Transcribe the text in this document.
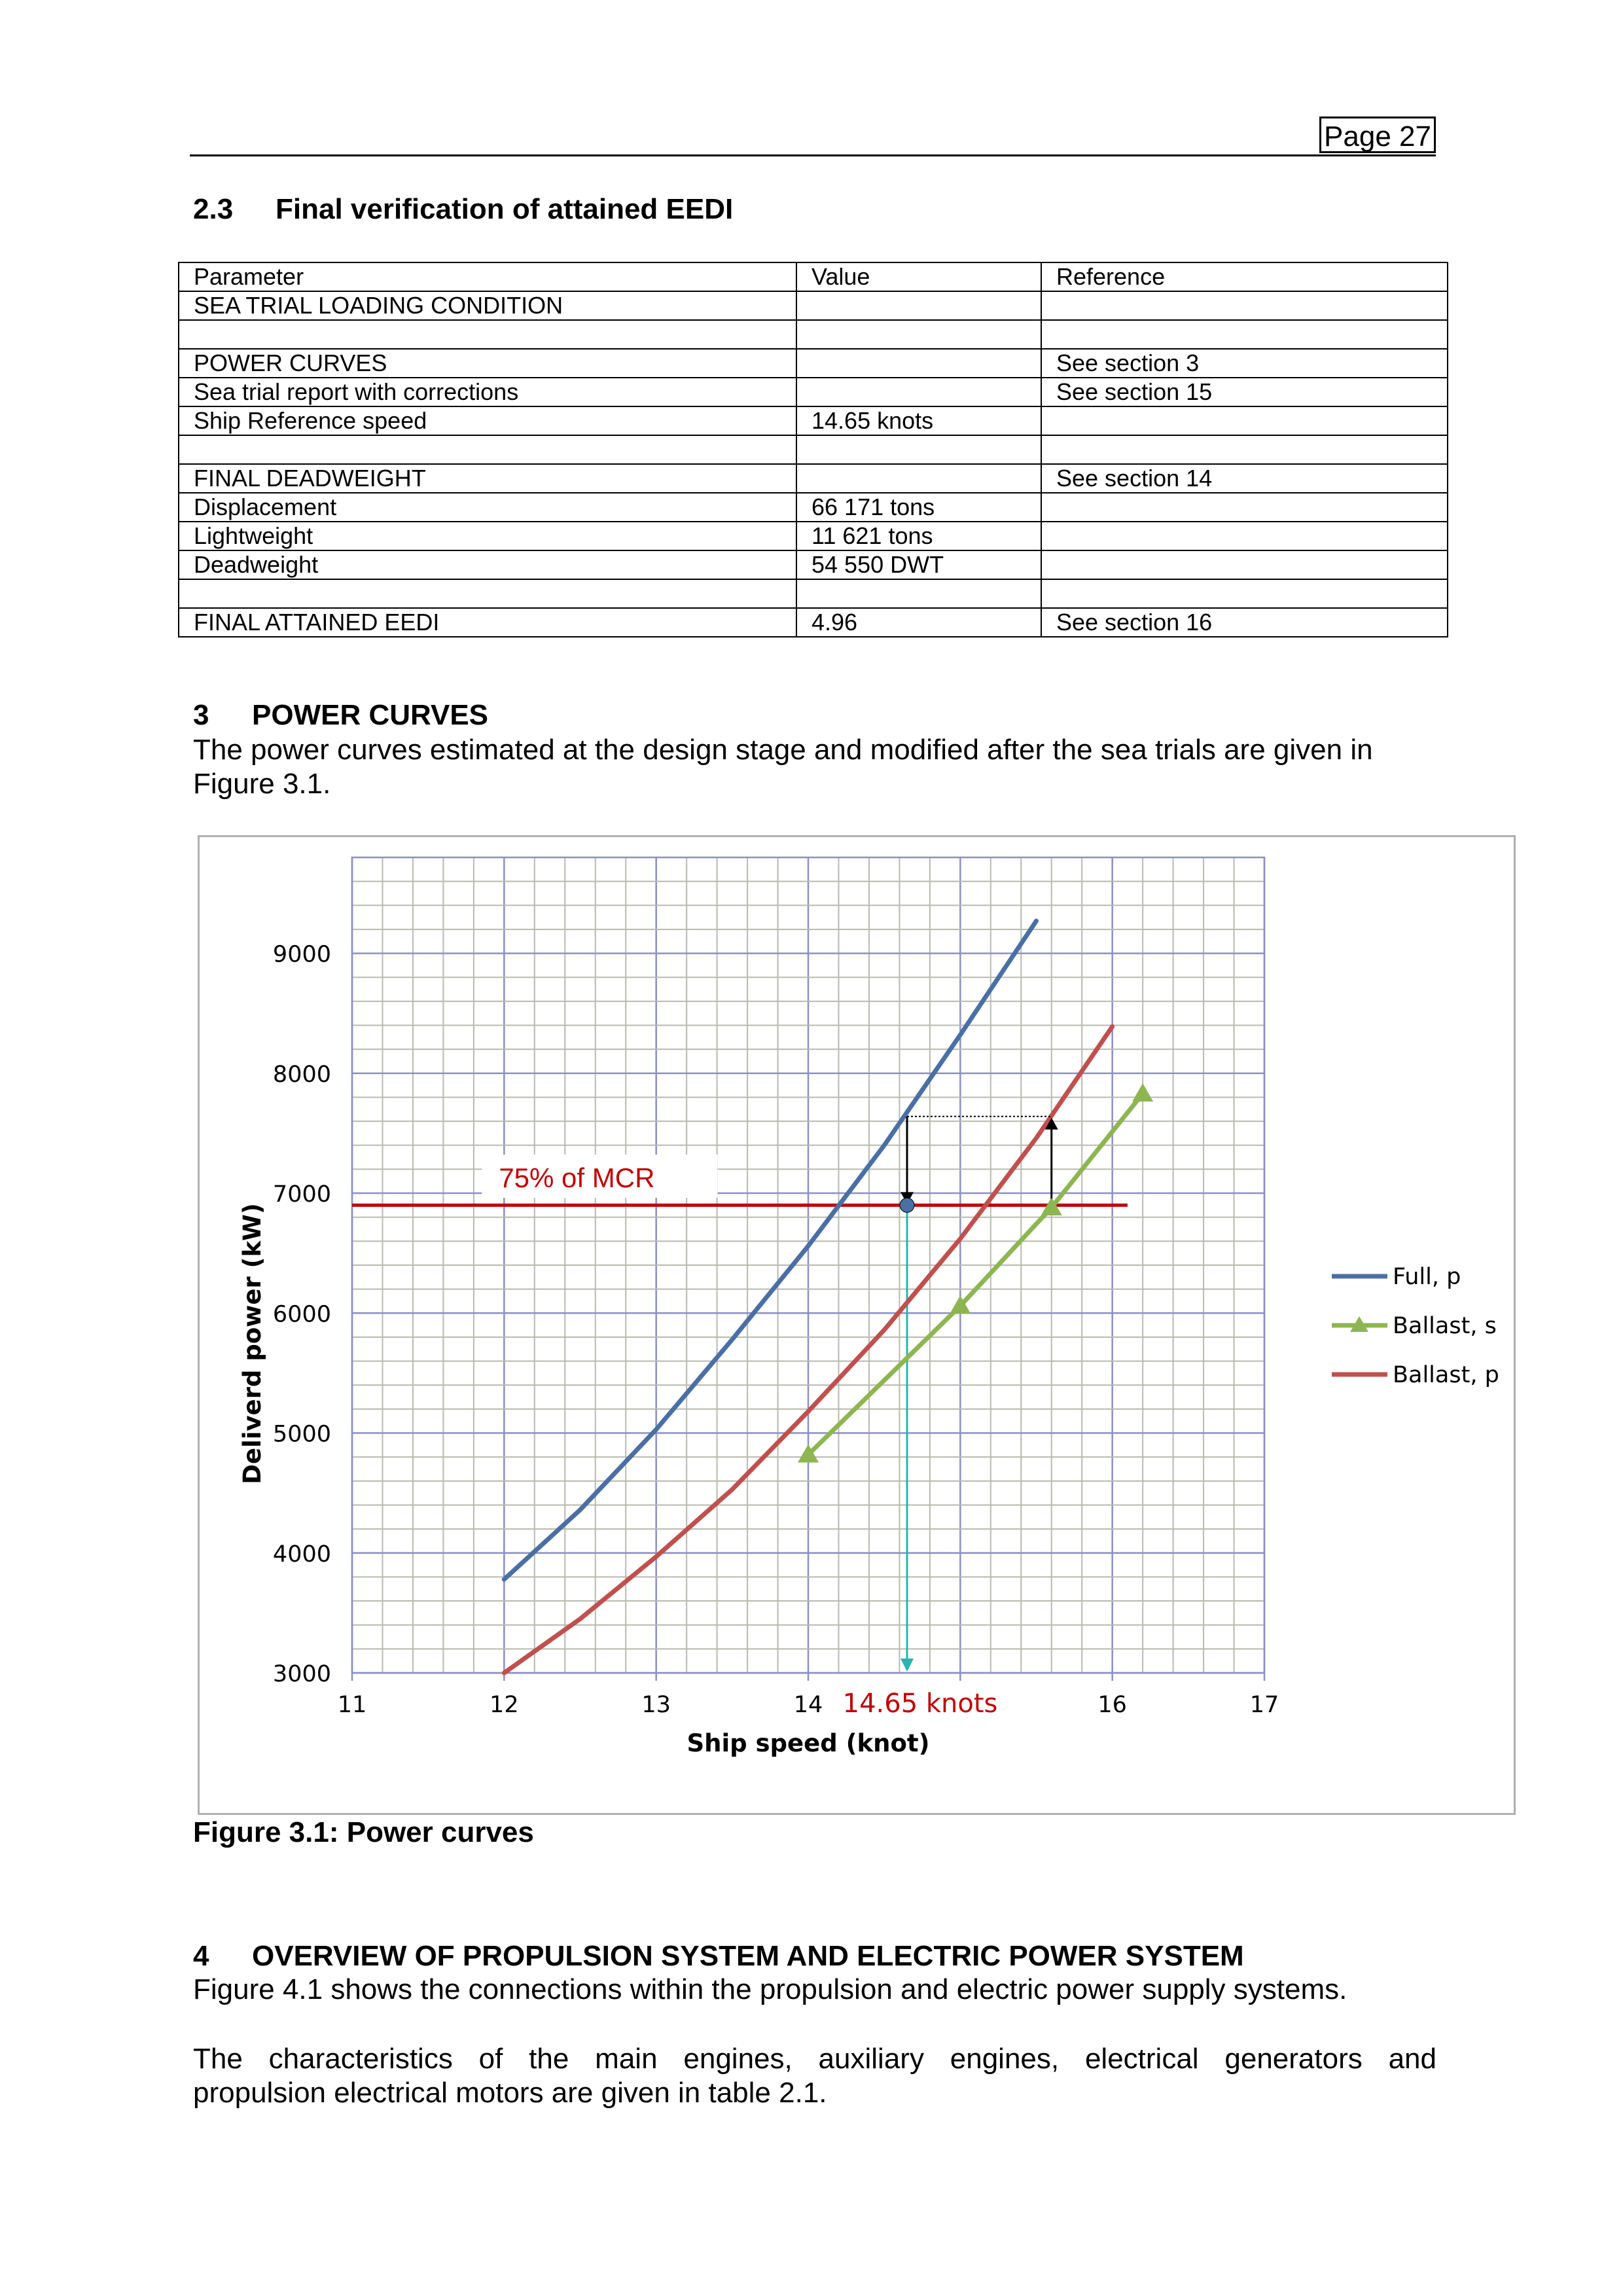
Page 27
2.3 Final verification of attained EEDI
Parameter	Value	Reference
SEA TRIAL LOADING CONDITION		

POWER CURVES		See section 3
Sea trial report with corrections		See section 15
Ship Reference speed	14.65 knots	

FINAL DEADWEIGHT		See section 14
Displacement	66 171 tons	
Lightweight	11 621 tons	
Deadweight	54 550 DWT	

FINAL ATTAINED EEDI	4.96	See section 16
3 POWER CURVES
The power curves estimated at the design stage and modified after the sea trials are given in
Figure 3.1.
75% of MCR
3000
4000
5000
6000
7000
8000
9000
11	12	13	14 14.65 knots	16	17
Ship speed (knot)
Deliverd power (kW)	Full, p
Ballast, s
Ballast, p
Figure 3.1: Power curves
4 OVERVIEW OF PROPULSION SYSTEM AND ELECTRIC POWER SYSTEM
Figure 4.1 shows the connections within the propulsion and electric power supply systems.
The characteristics of the main engines, auxiliary engines, electrical generators and
propulsion electrical motors are given in table 2.1.
